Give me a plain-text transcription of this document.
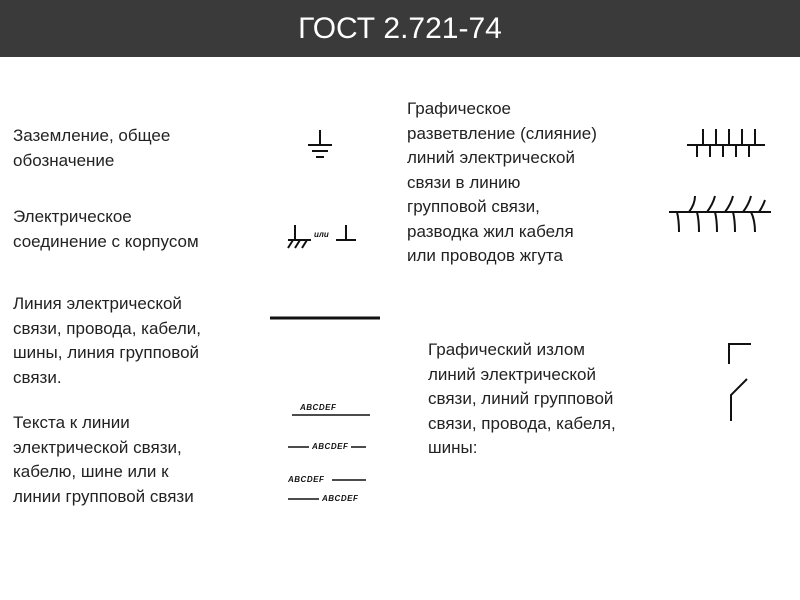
ГОСТ 2.721-74
Заземление, общее
обозначение
Электрическое
соединение с корпусом
Линия электрической
связи, провода, кабели,
шины, линия групповой
связи.
Текста к линии
электрической связи,
кабелю, шине или к
линии групповой связи
Графическое
разветвление (слияние)
линий электрической
связи в линию
групповой связи,
разводка жил кабеля
или проводов жгута
Графический излом
линий электрической
связи, линий групповой
связи, провода, кабеля,
шины:
или
ABCDEF
ABCDEF
ABCDEF
ABCDEF
